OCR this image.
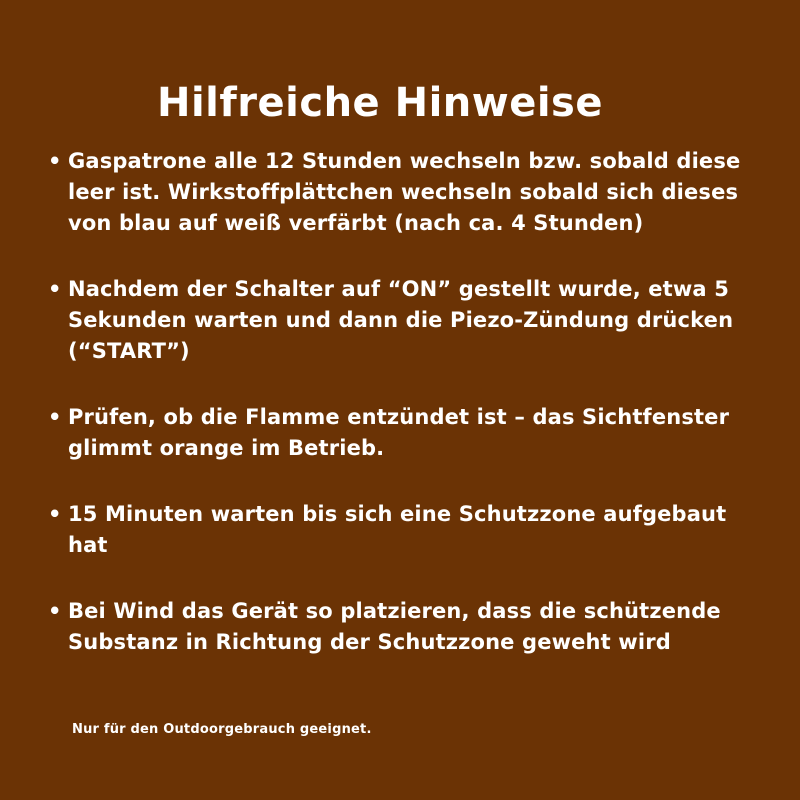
Hilfreiche Hinweise
• Gaspatrone alle 12 Stunden wechseln bzw. sobald diese leer ist. Wirkstoffplättchen wechseln sobald sich dieses von blau auf weiß verfärbt (nach ca. 4 Stunden)
• Nachdem der Schalter auf “ON” gestellt wurde, etwa 5 Sekunden warten und dann die Piezo-Zündung drücken (“START”)
• Prüfen, ob die Flamme entzündet ist – das Sichtfenster glimmt orange im Betrieb.
• 15 Minuten warten bis sich eine Schutzzone aufgebaut hat
• Bei Wind das Gerät so platzieren, dass die schützende Substanz in Richtung der Schutzzone geweht wird
Nur für den Outdoorgebrauch geeignet.
